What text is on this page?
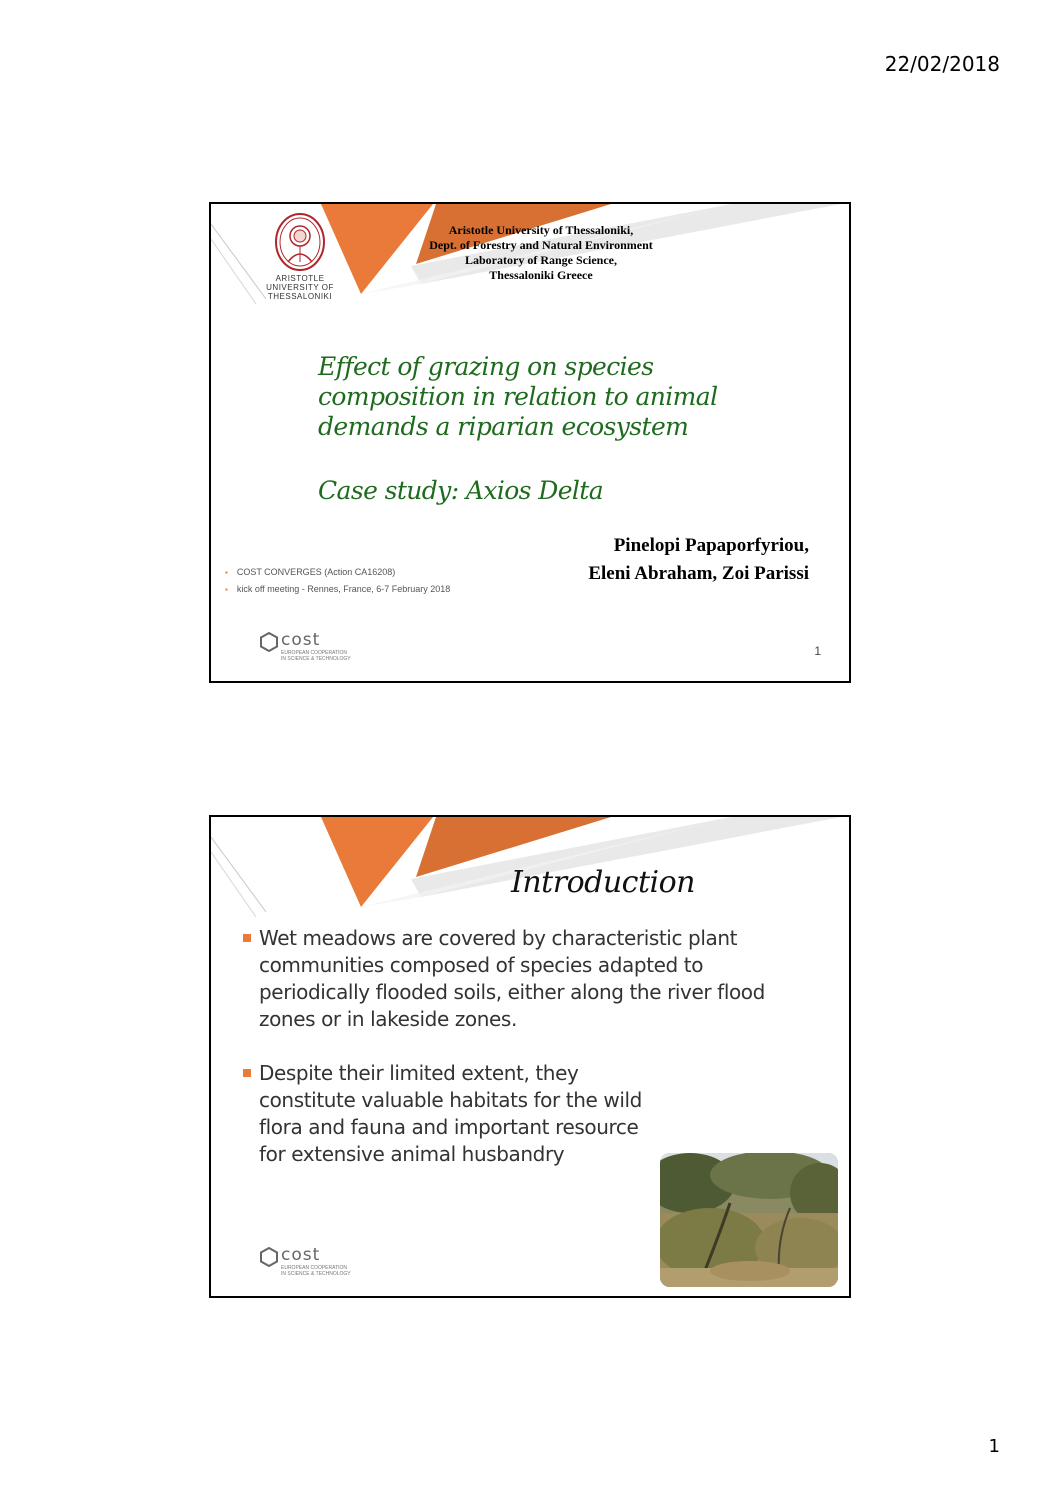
22/02/2018
ARISTOTLE
UNIVERSITY OF
THESSALONIKI
Aristotle University of Thessaloniki,
Dept. of Forestry and Natural Environment
Laboratory of Range Science,
Thessaloniki Greece
Effect of grazing on species composition in relation to animal demands a riparian ecosystem
Case study: Axios Delta
Pinelopi Papaporfyriou,
Eleni Abraham, Zoi Parissi
▪ COST CONVERGES (Action CA16208)
▪ kick off meeting - Rennes, France, 6-7 February 2018
cost
EUROPEAN COOPERATION IN SCIENCE & TECHNOLOGY
1
Introduction
Wet meadows are covered by characteristic plant communities composed of species adapted to periodically flooded soils, either along the river flood zones or in lakeside zones.
Despite their limited extent, they constitute valuable habitats for the wild flora and fauna and important resource for extensive animal husbandry
cost
EUROPEAN COOPERATION IN SCIENCE & TECHNOLOGY
1
